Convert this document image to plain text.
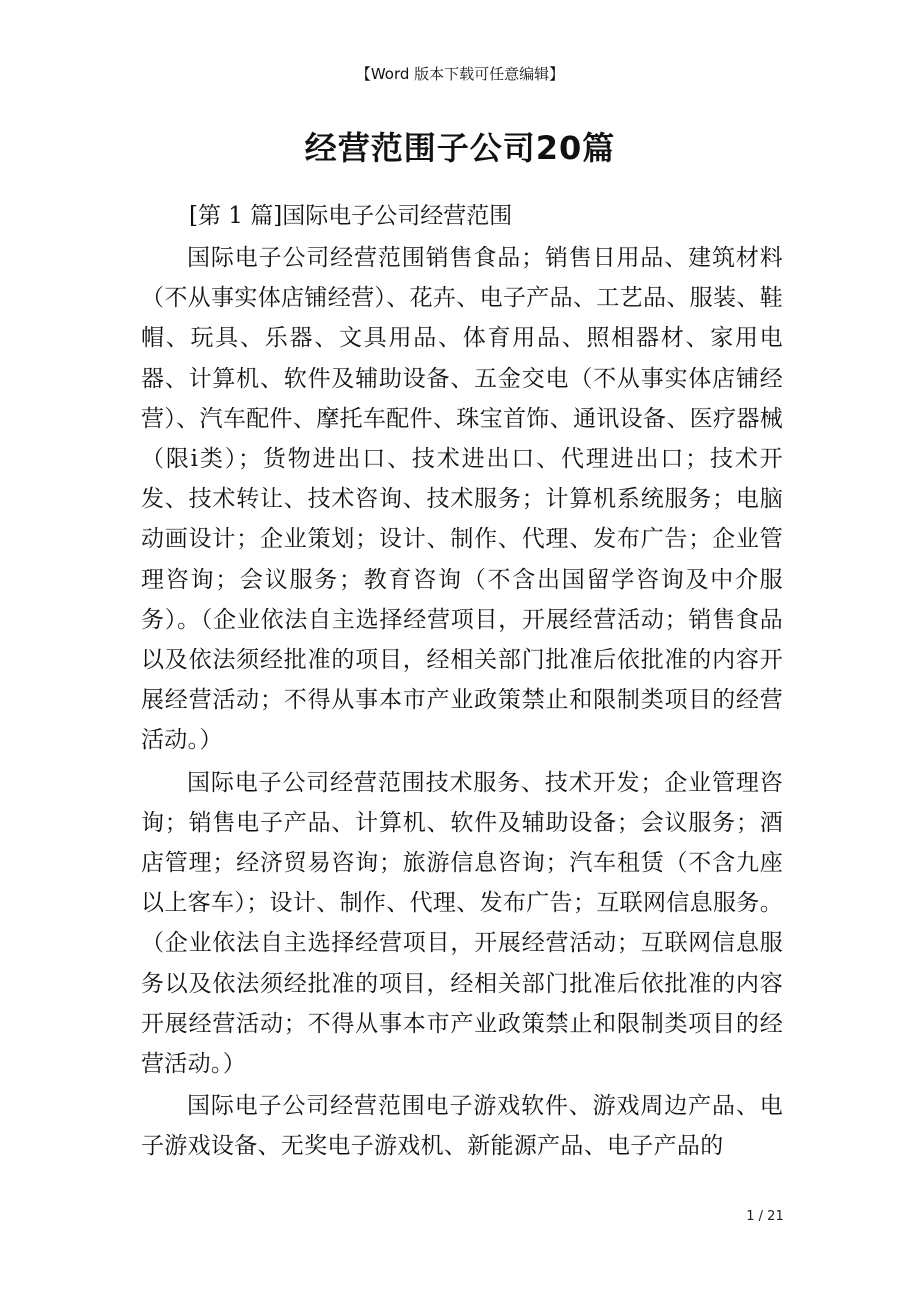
【Word 版本下载可任意编辑】
经营范围子公司20篇

[第 1 篇]国际电子公司经营范围

国际电子公司经营范围销售食品；销售日用品、建筑材料（不从事实体店铺经营）、花卉、电子产品、工艺品、服装、鞋帽、玩具、乐器、文具用品、体育用品、照相器材、家用电器、计算机、软件及辅助设备、五金交电（不从事实体店铺经营）、汽车配件、摩托车配件、珠宝首饰、通讯设备、医疗器械（限ⅰ类）；货物进出口、技术进出口、代理进出口；技术开发、技术转让、技术咨询、技术服务；计算机系统服务；电脑动画设计；企业策划；设计、制作、代理、发布广告；企业管理咨询；会议服务；教育咨询（不含出国留学咨询及中介服务）。（企业依法自主选择经营项目，开展经营活动；销售食品以及依法须经批准的项目，经相关部门批准后依批准的内容开展经营活动；不得从事本市产业政策禁止和限制类项目的经营活动。）

国际电子公司经营范围技术服务、技术开发；企业管理咨询；销售电子产品、计算机、软件及辅助设备；会议服务；酒店管理；经济贸易咨询；旅游信息咨询；汽车租赁（不含九座以上客车）；设计、制作、代理、发布广告；互联网信息服务。（企业依法自主选择经营项目，开展经营活动；互联网信息服务以及依法须经批准的项目，经相关部门批准后依批准的内容开展经营活动；不得从事本市产业政策禁止和限制类项目的经营活动。）

国际电子公司经营范围电子游戏软件、游戏周边产品、电子游戏设备、无奖电子游戏机、新能源产品、电子产品的

1 / 21
